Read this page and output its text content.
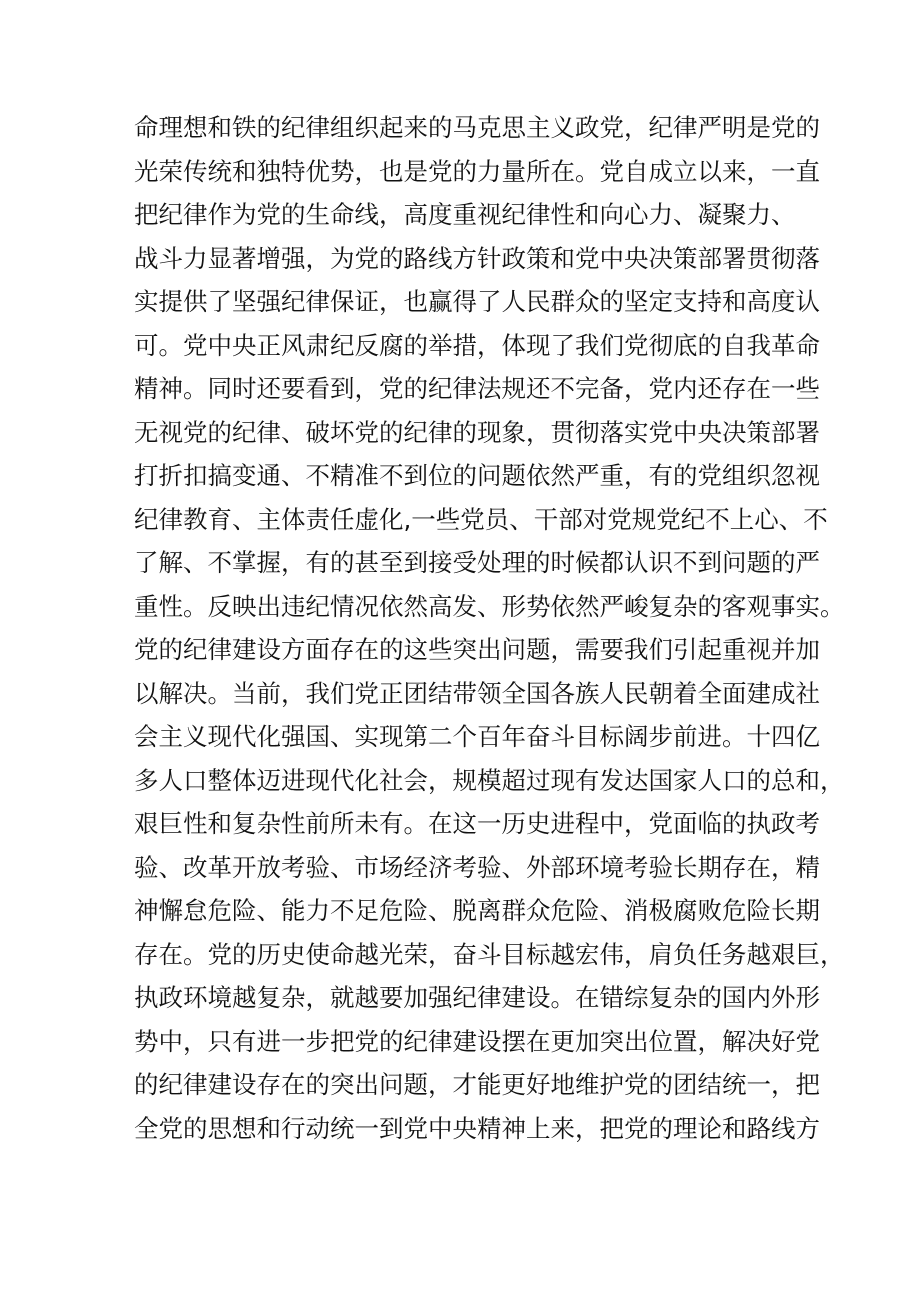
命理想和铁的纪律组织起来的马克思主义政党，纪律严明是党的
光荣传统和独特优势，也是党的力量所在。党自成立以来，一直
把纪律作为党的生命线，高度重视纪律性和向心力、凝聚力、
战斗力显著增强，为党的路线方针政策和党中央决策部署贯彻落
实提供了坚强纪律保证，也赢得了人民群众的坚定支持和高度认
可。党中央正风肃纪反腐的举措，体现了我们党彻底的自我革命
精神。同时还要看到，党的纪律法规还不完备，党内还存在一些
无视党的纪律、破坏党的纪律的现象，贯彻落实党中央决策部署
打折扣搞变通、不精准不到位的问题依然严重，有的党组织忽视
纪律教育、主体责任虚化,一些党员、干部对党规党纪不上心、不
了解、不掌握，有的甚至到接受处理的时候都认识不到问题的严
重性。反映出违纪情况依然高发、形势依然严峻复杂的客观事实。
党的纪律建设方面存在的这些突出问题，需要我们引起重视并加
以解决。当前，我们党正团结带领全国各族人民朝着全面建成社
会主义现代化强国、实现第二个百年奋斗目标阔步前进。十四亿
多人口整体迈进现代化社会，规模超过现有发达国家人口的总和，
艰巨性和复杂性前所未有。在这一历史进程中，党面临的执政考
验、改革开放考验、市场经济考验、外部环境考验长期存在，精
神懈怠危险、能力不足危险、脱离群众危险、消极腐败危险长期
存在。党的历史使命越光荣，奋斗目标越宏伟，肩负任务越艰巨，
执政环境越复杂，就越要加强纪律建设。在错综复杂的国内外形
势中，只有进一步把党的纪律建设摆在更加突出位置，解决好党
的纪律建设存在的突出问题，才能更好地维护党的团结统一，把
全党的思想和行动统一到党中央精神上来，把党的理论和路线方
